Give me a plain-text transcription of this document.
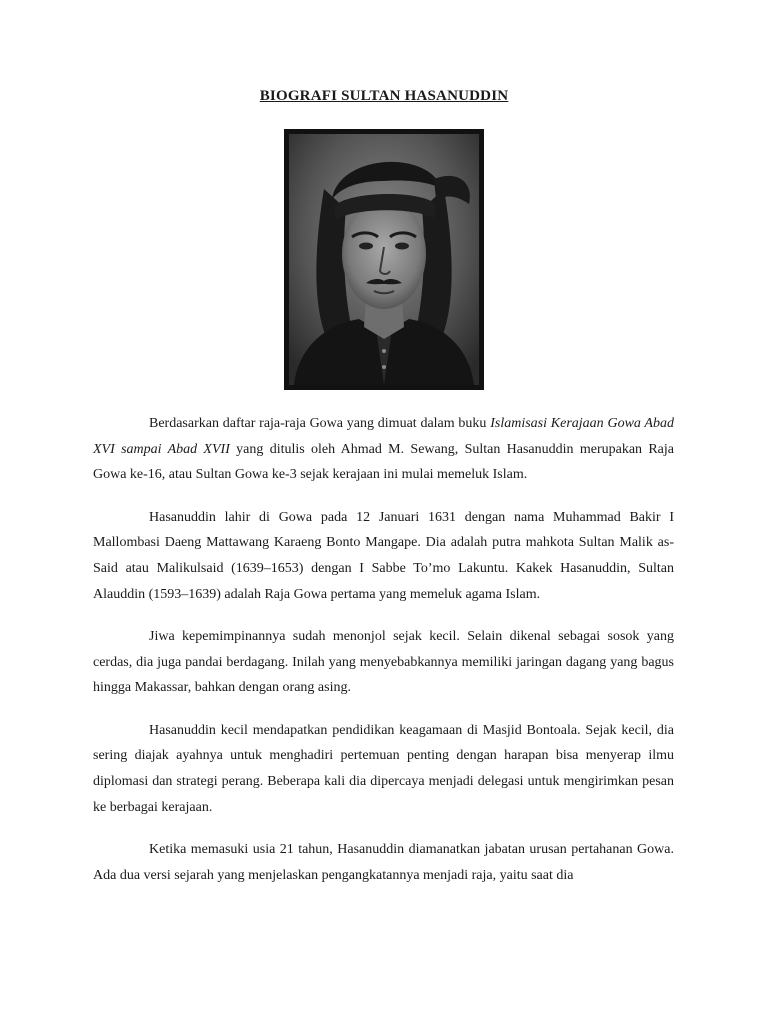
BIOGRAFI SULTAN HASANUDDIN

Berdasarkan daftar raja-raja Gowa yang dimuat dalam buku Islamisasi Kerajaan Gowa Abad XVI sampai Abad XVII yang ditulis oleh Ahmad M. Sewang, Sultan Hasanuddin merupakan Raja Gowa ke-16, atau Sultan Gowa ke-3 sejak kerajaan ini mulai memeluk Islam.

Hasanuddin lahir di Gowa pada 12 Januari 1631 dengan nama Muhammad Bakir I Mallombasi Daeng Mattawang Karaeng Bonto Mangape. Dia adalah putra mahkota Sultan Malik as-Said atau Malikulsaid (1639–1653) dengan I Sabbe To’mo Lakuntu. Kakek Hasanuddin, Sultan Alauddin (1593–1639) adalah Raja Gowa pertama yang memeluk agama Islam.

Jiwa kepemimpinannya sudah menonjol sejak kecil. Selain dikenal sebagai sosok yang cerdas, dia juga pandai berdagang. Inilah yang menyebabkannya memiliki jaringan dagang yang bagus hingga Makassar, bahkan dengan orang asing.

Hasanuddin kecil mendapatkan pendidikan keagamaan di Masjid Bontoala. Sejak kecil, dia sering diajak ayahnya untuk menghadiri pertemuan penting dengan harapan bisa menyerap ilmu diplomasi dan strategi perang. Beberapa kali dia dipercaya menjadi delegasi untuk mengirimkan pesan ke berbagai kerajaan.

Ketika memasuki usia 21 tahun, Hasanuddin diamanatkan jabatan urusan pertahanan Gowa. Ada dua versi sejarah yang menjelaskan pengangkatannya menjadi raja, yaitu saat dia
